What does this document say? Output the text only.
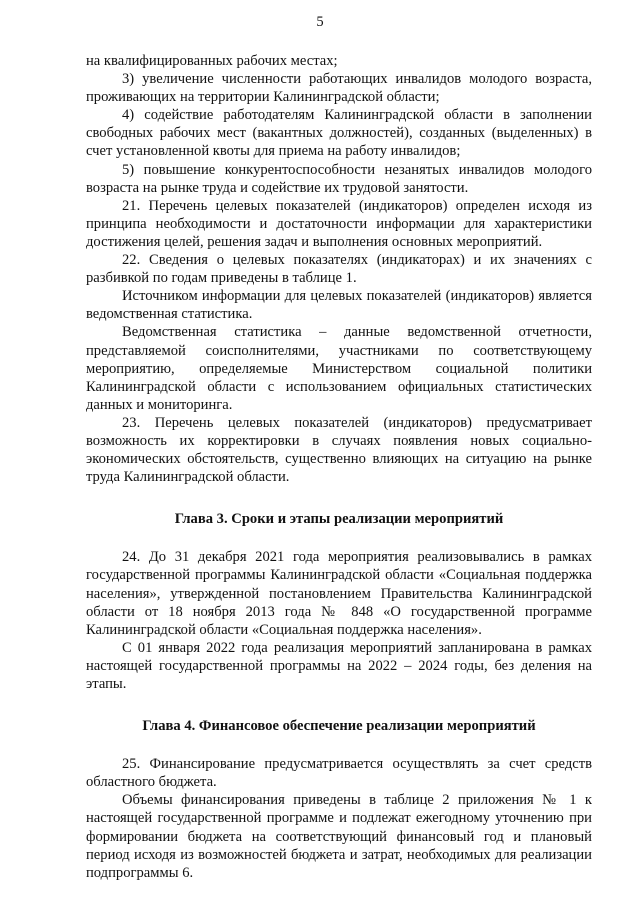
5

на квалифицированных рабочих местах;

3) увеличение численности работающих инвалидов молодого возраста, проживающих на территории Калининградской области;

4) содействие работодателям Калининградской области в заполнении свободных рабочих мест (вакантных должностей), созданных (выделенных) в счет установленной квоты для приема на работу инвалидов;

5) повышение конкурентоспособности незанятых инвалидов молодого возраста на рынке труда и содействие их трудовой занятости.

21. Перечень целевых показателей (индикаторов) определен исходя из принципа необходимости и достаточности информации для характеристики достижения целей, решения задач и выполнения основных мероприятий.

22. Сведения о целевых показателях (индикаторах) и их значениях с разбивкой по годам приведены в таблице 1.

Источником информации для целевых показателей (индикаторов) является ведомственная статистика.

Ведомственная статистика – данные ведомственной отчетности, представляемой соисполнителями, участниками по соответствующему мероприятию, определяемые Министерством социальной политики Калининградской области с использованием официальных статистических данных и мониторинга.

23. Перечень целевых показателей (индикаторов) предусматривает возможность их корректировки в случаях появления новых социально-экономических обстоятельств, существенно влияющих на ситуацию на рынке труда Калининградской области.

Глава 3. Сроки и этапы реализации мероприятий

24. До 31 декабря 2021 года мероприятия реализовывались в рамках государственной программы Калининградской области «Социальная поддержка населения», утвержденной постановлением Правительства Калининградской области от 18 ноября 2013 года № 848 «О государственной программе Калининградской области «Социальная поддержка населения».

С 01 января 2022 года реализация мероприятий запланирована в рамках настоящей государственной программы на 2022 – 2024 годы, без деления на этапы.

Глава 4. Финансовое обеспечение реализации мероприятий

25. Финансирование предусматривается осуществлять за счет средств областного бюджета.

Объемы финансирования приведены в таблице 2 приложения № 1 к настоящей государственной программе и подлежат ежегодному уточнению при формировании бюджета на соответствующий финансовый год и плановый период исходя из возможностей бюджета и затрат, необходимых для реализации подпрограммы 6.
